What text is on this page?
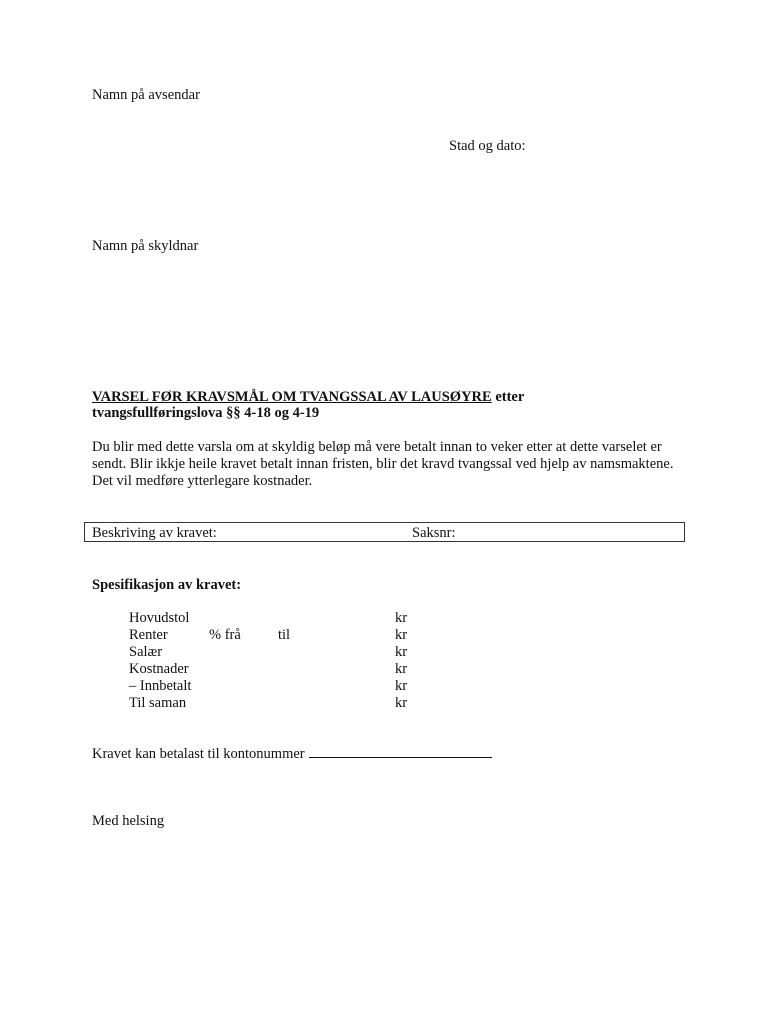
Namn på avsendar
Stad og dato:
Namn på skyldnar
VARSEL FØR KRAVSMÅL OM TVANGSSAL AV LAUSØYRE etter
tvangsfullføringslova §§ 4-18 og 4-19
Du blir med dette varsla om at skyldig beløp må vere betalt innan to veker etter at dette varselet er sendt. Blir ikkje heile kravet betalt innan fristen, blir det kravd tvangssal ved hjelp av namsmaktene. Det vil medføre ytterlegare kostnader.
Beskriving av kravet:	Saksnr:
Spesifikasjon av kravet:
Hovudstol	kr
Renter	% frå	til	kr
Salær	kr
Kostnader	kr
– Innbetalt	kr
Til saman	kr
Kravet kan betalast til kontonummer
Med helsing
